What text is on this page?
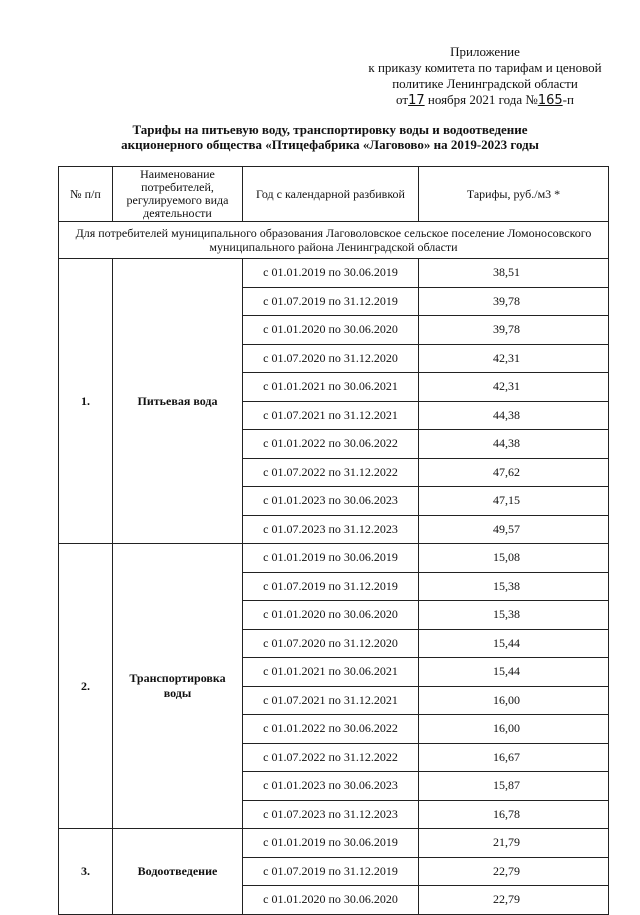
Приложение
к приказу комитета по тарифам и ценовой
политике Ленинградской области
от17 ноября 2021 года №165-п
Тарифы на питьевую воду, транспортировку воды и водоотведение
акционерного общества «Птицефабрика «Лаговово» на 2019-2023 годы
№ п/п	Наименование потребителей, регулируемого вида деятельности	Год с календарной разбивкой	Тарифы, руб./м3 *
Для потребителей муниципального образования Лаговоловское сельское поселение Ломоносовского муниципального района Ленинградской области			
1.	Питьевая вода	с 01.01.2019 по 30.06.2019	38,51
		с 01.07.2019 по 31.12.2019	39,78
		с 01.01.2020 по 30.06.2020	39,78
		с 01.07.2020 по 31.12.2020	42,31
		с 01.01.2021 по 30.06.2021	42,31
		с 01.07.2021 по 31.12.2021	44,38
		с 01.01.2022 по 30.06.2022	44,38
		с 01.07.2022 по 31.12.2022	47,62
		с 01.01.2023 по 30.06.2023	47,15
		с 01.07.2023 по 31.12.2023	49,57
2.	Транспортировка воды	с 01.01.2019 по 30.06.2019	15,08
		с 01.07.2019 по 31.12.2019	15,38
		с 01.01.2020 по 30.06.2020	15,38
		с 01.07.2020 по 31.12.2020	15,44
		с 01.01.2021 по 30.06.2021	15,44
		с 01.07.2021 по 31.12.2021	16,00
		с 01.01.2022 по 30.06.2022	16,00
		с 01.07.2022 по 31.12.2022	16,67
		с 01.01.2023 по 30.06.2023	15,87
		с 01.07.2023 по 31.12.2023	16,78
3.	Водоотведение	с 01.01.2019 по 30.06.2019	21,79
		с 01.07.2019 по 31.12.2019	22,79
		с 01.01.2020 по 30.06.2020	22,79
